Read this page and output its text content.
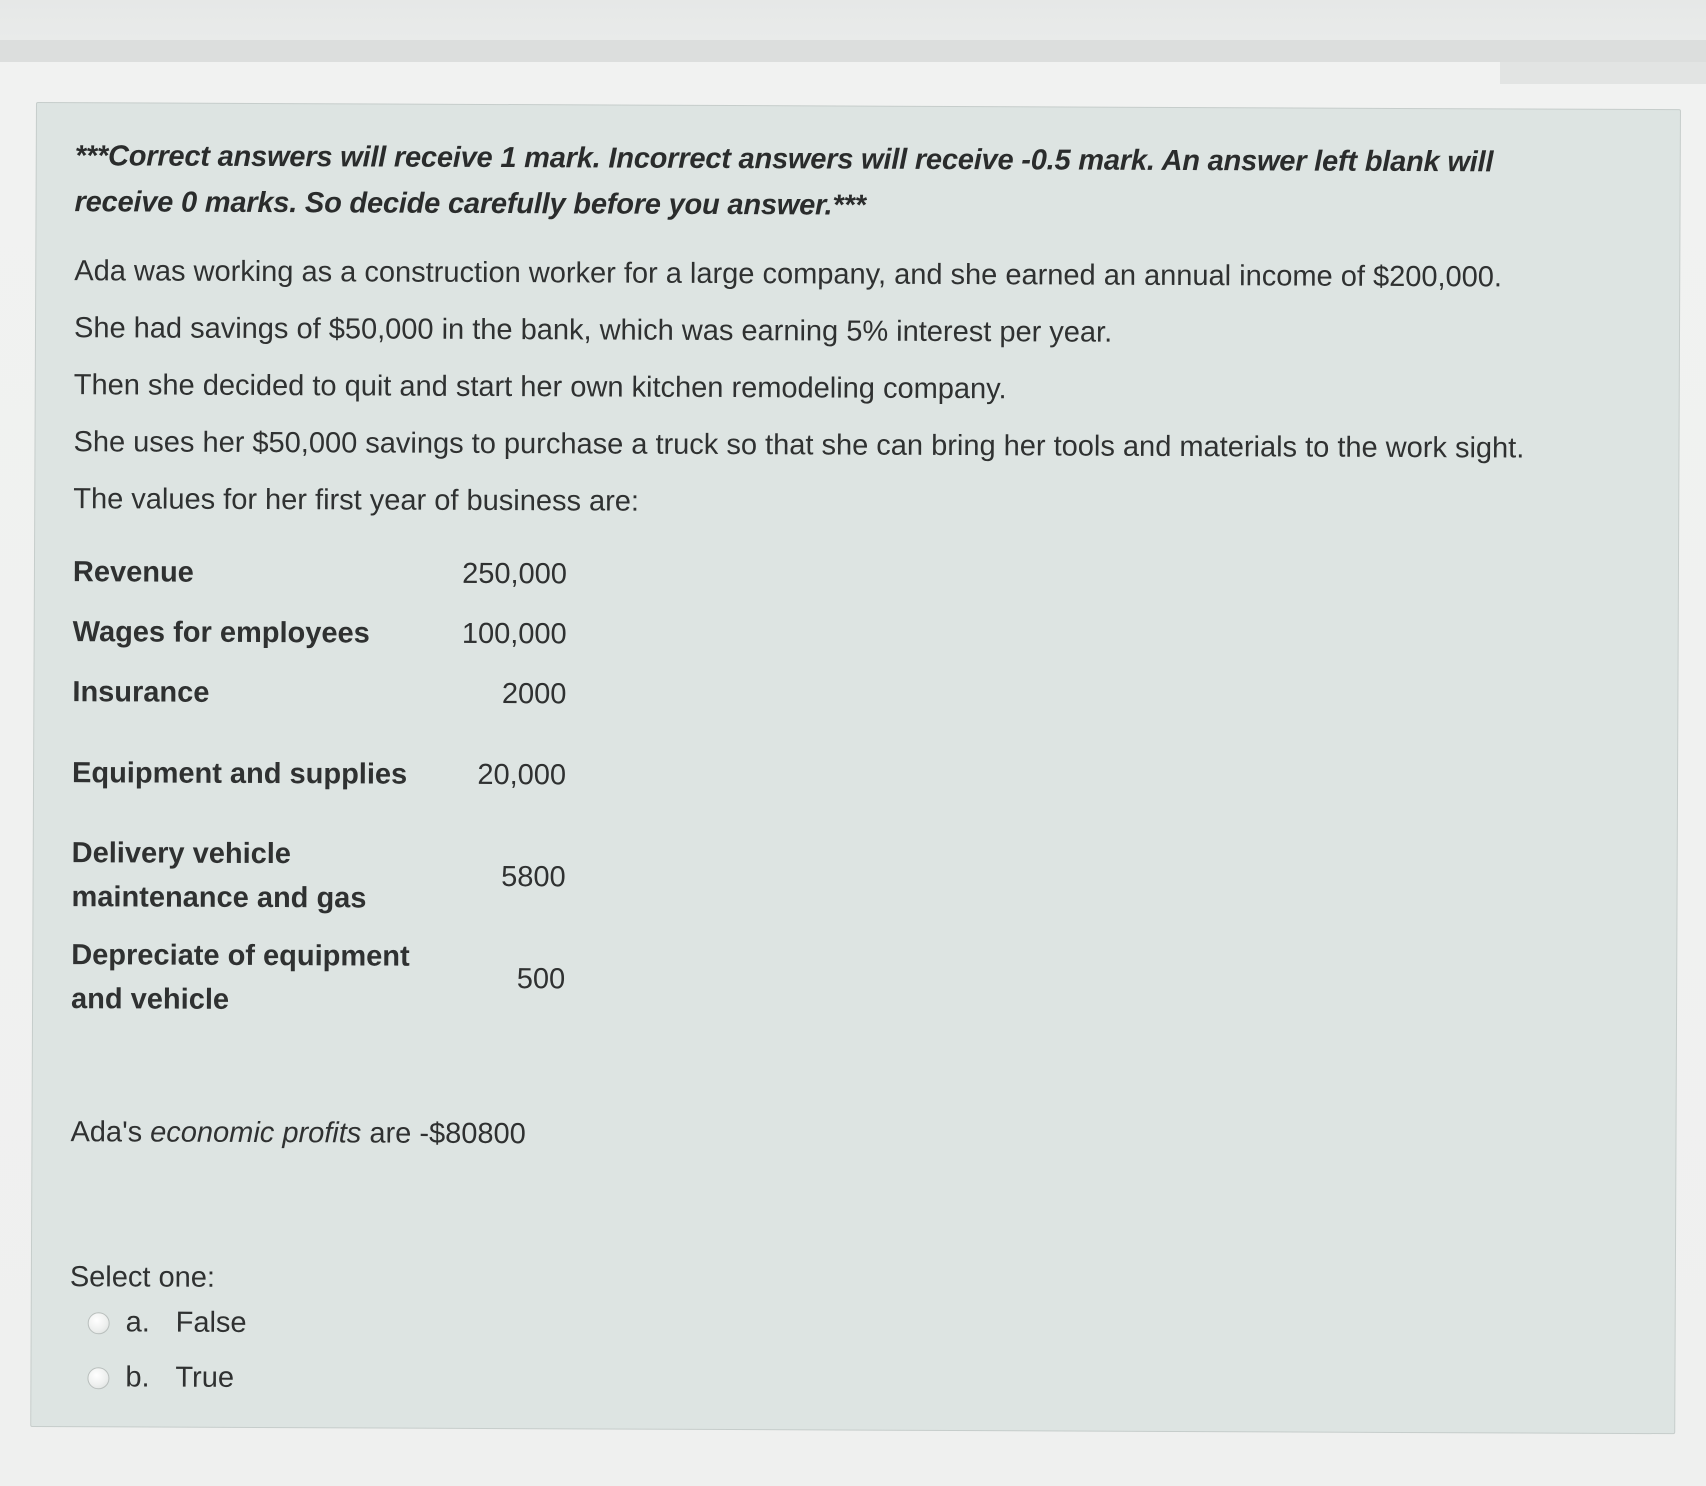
***Correct answers will receive 1 mark. Incorrect answers will receive -0.5 mark. An answer left blank will
receive 0 marks. So decide carefully before you answer.***

Ada was working as a construction worker for a large company, and she earned an annual income of $200,000.

She had savings of $50,000 in the bank, which was earning 5% interest per year.

Then she decided to quit and start her own kitchen remodeling company.

She uses her $50,000 savings to purchase a truck so that she can bring her tools and materials to the work sight.

The values for her first year of business are:

Revenue	250,000
Wages for employees	100,000
Insurance	2000
Equipment and supplies	20,000
Delivery vehicle maintenance and gas	5800
Depreciate of equipment and vehicle	500
Ada's economic profits are -$80800
Select one:
a. False
b. True
